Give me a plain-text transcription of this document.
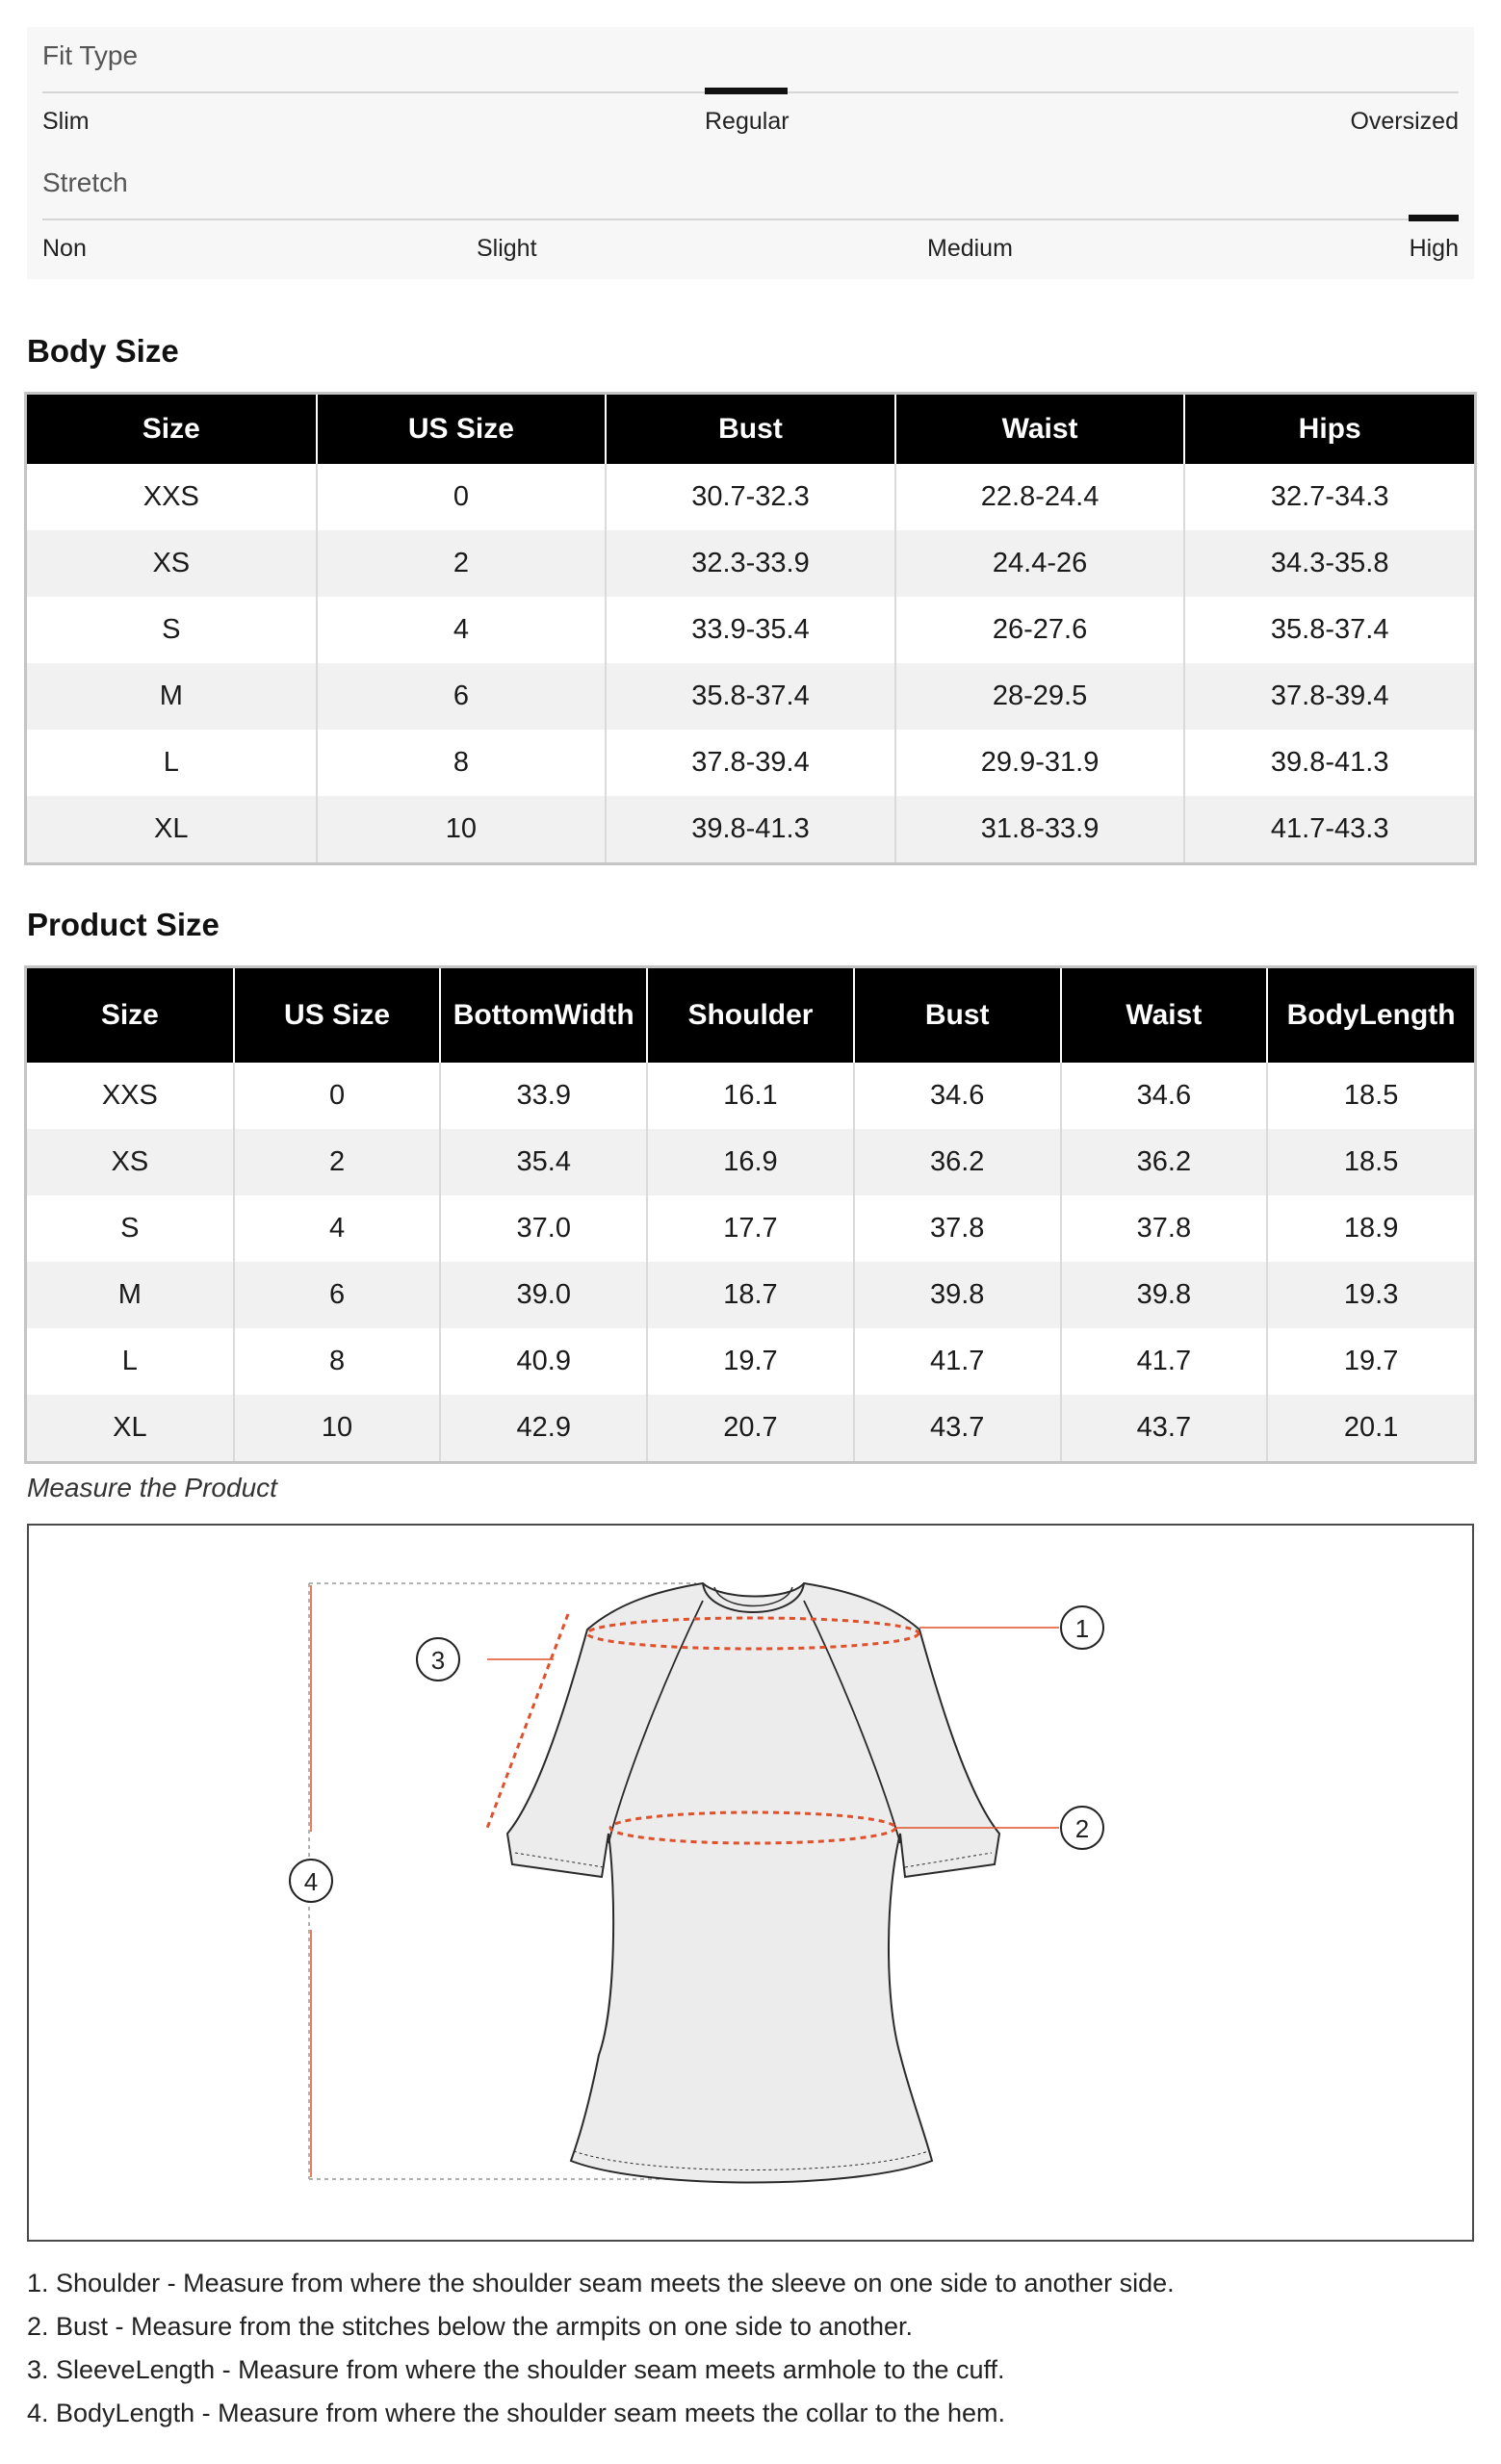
Fit Type
Slim	Regular	Oversized
Stretch
Non	Slight	Medium	High
Body Size
Size	US Size	Bust	Waist	Hips
XXS	0	30.7-32.3	22.8-24.4	32.7-34.3
XS	2	32.3-33.9	24.4-26	34.3-35.8
S	4	33.9-35.4	26-27.6	35.8-37.4
M	6	35.8-37.4	28-29.5	37.8-39.4
L	8	37.8-39.4	29.9-31.9	39.8-41.3
XL	10	39.8-41.3	31.8-33.9	41.7-43.3
Product Size
Size	US Size	BottomWidth	Shoulder	Bust	Waist	BodyLength
XXS	0	33.9	16.1	34.6	34.6	18.5
XS	2	35.4	16.9	36.2	36.2	18.5
S	4	37.0	17.7	37.8	37.8	18.9
M	6	39.0	18.7	39.8	39.8	19.3
L	8	40.9	19.7	41.7	41.7	19.7
XL	10	42.9	20.7	43.7	43.7	20.1
Measure the Product
1
2
3
4
1. Shoulder - Measure from where the shoulder seam meets the sleeve on one side to another side.
2. Bust - Measure from the stitches below the armpits on one side to another.
3. SleeveLength - Measure from where the shoulder seam meets armhole to the cuff.
4. BodyLength - Measure from where the shoulder seam meets the collar to the hem.
